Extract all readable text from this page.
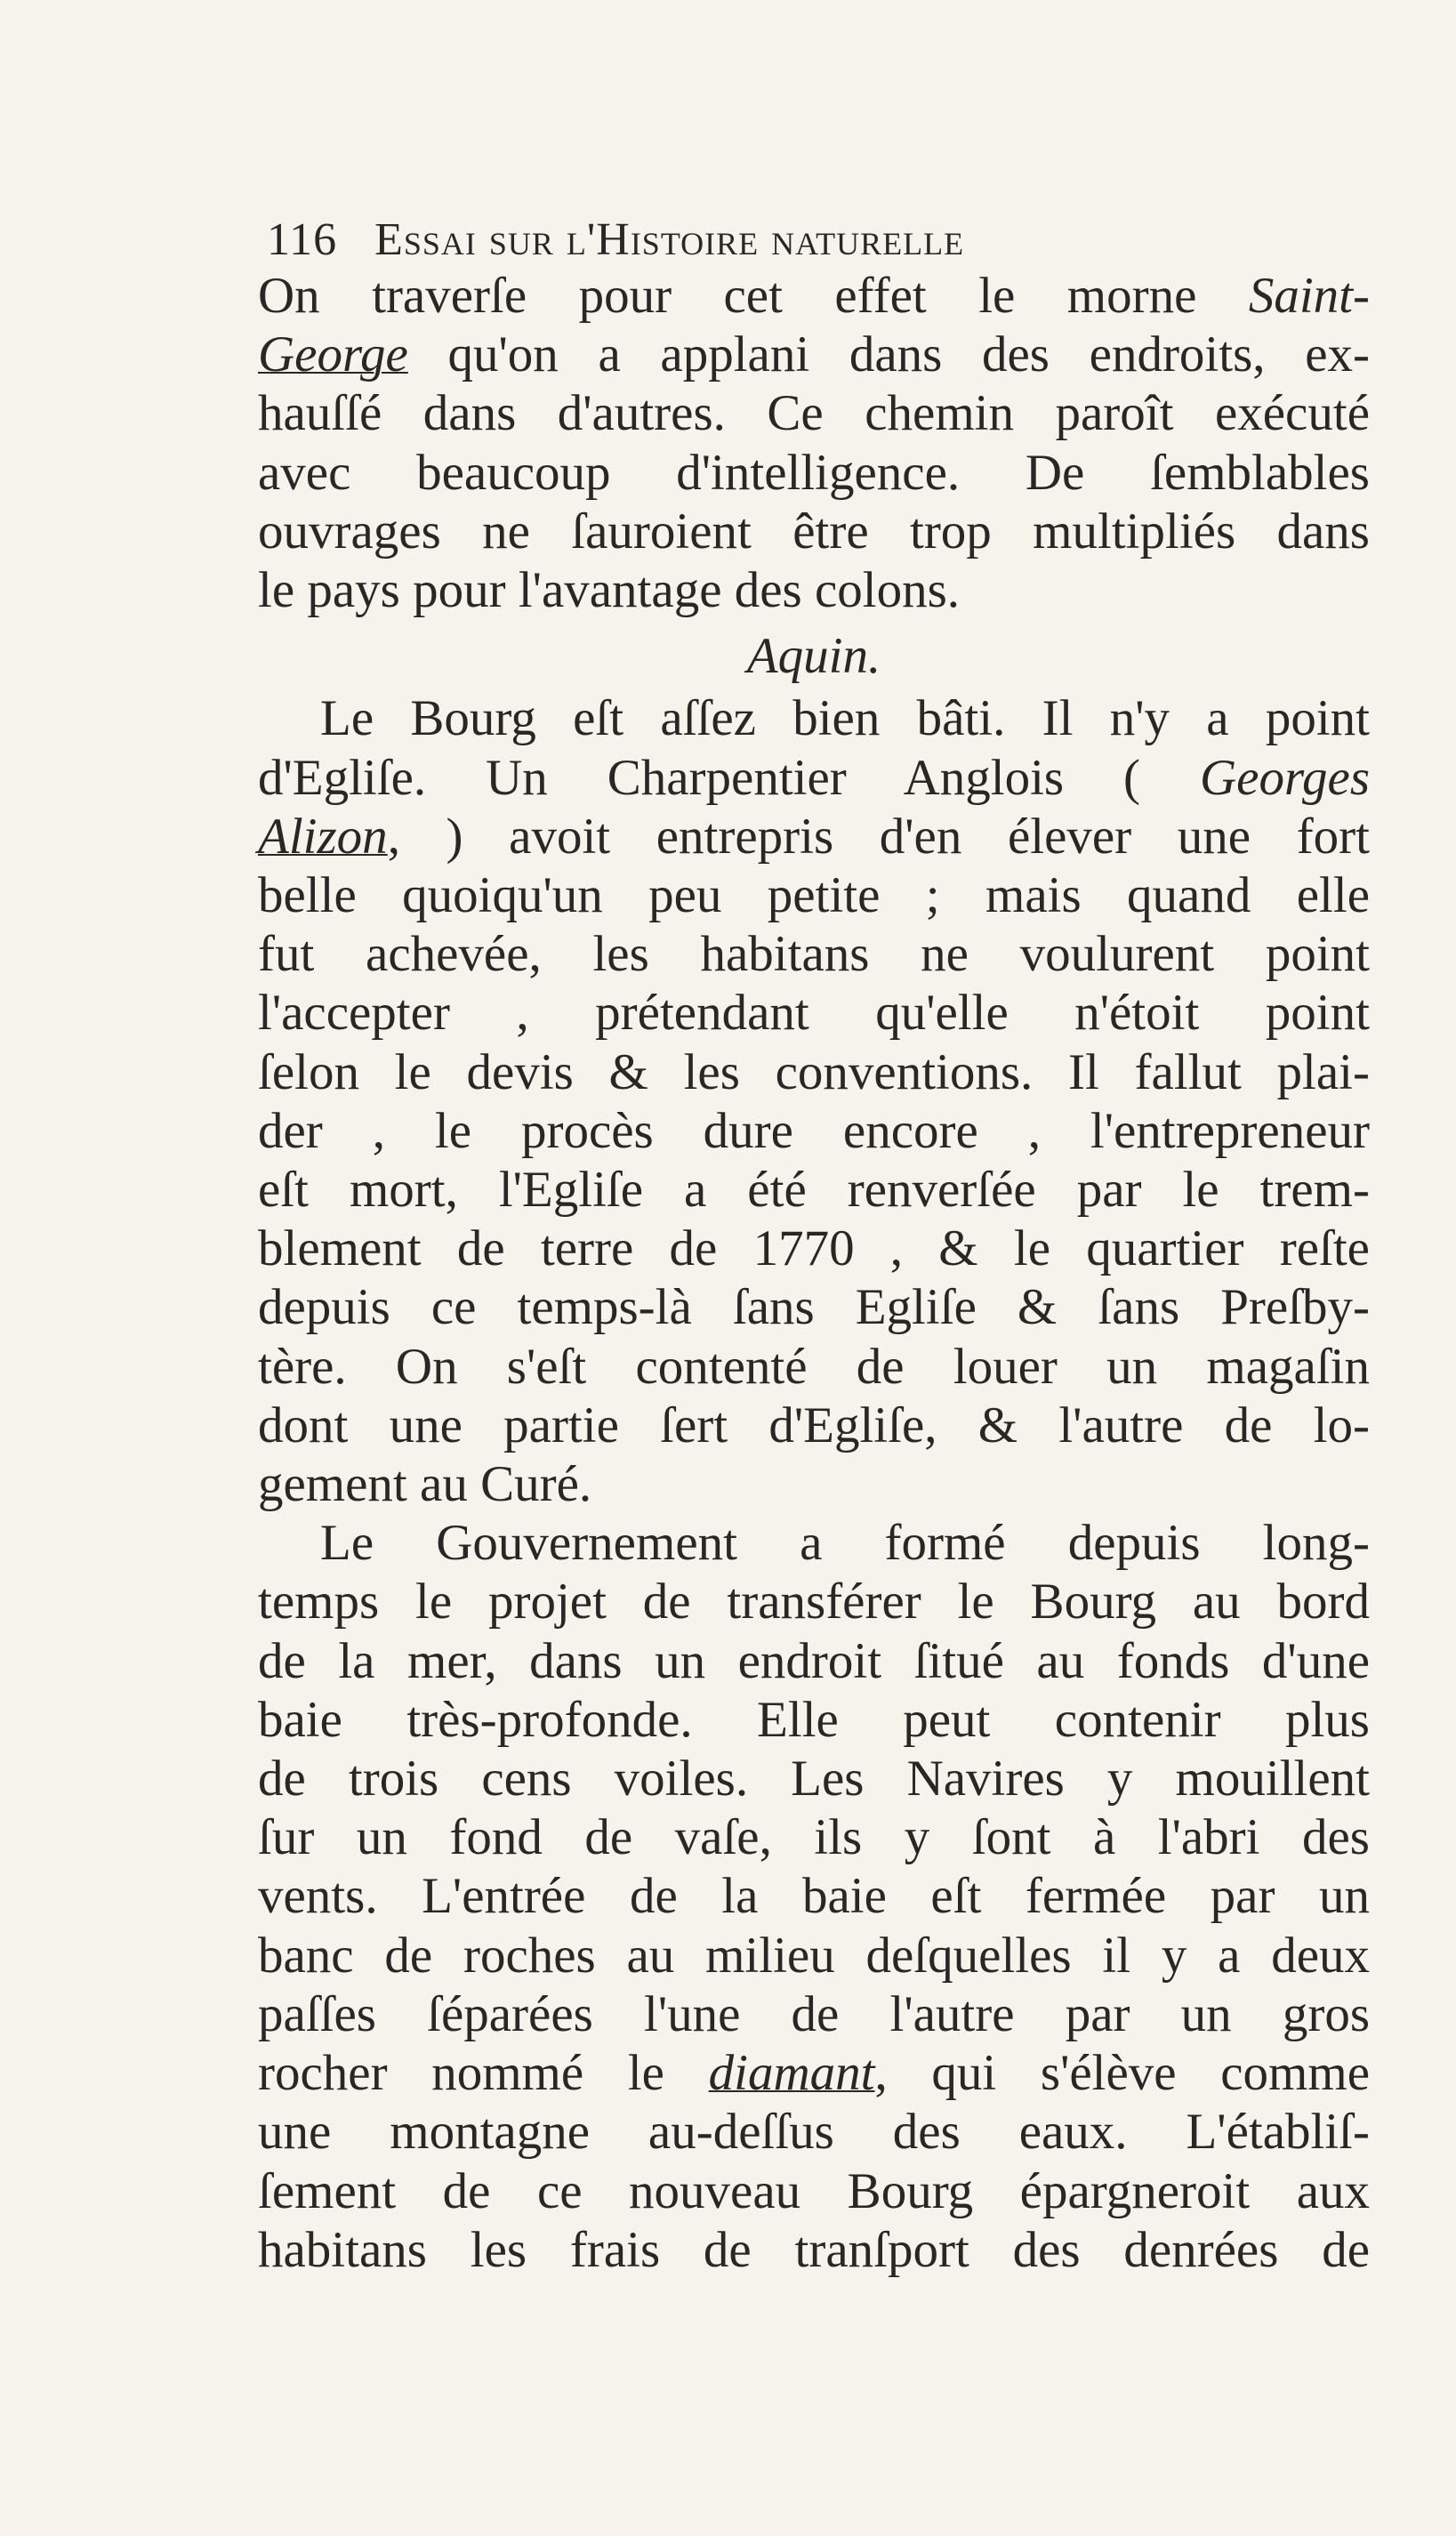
116 Essai sur l'Histoire naturelle
On traverſe pour cet effet le morne Saint-
George qu'on a applani dans des endroits, ex-
hauſſé dans d'autres. Ce chemin paroît exécuté
avec beaucoup d'intelligence. De ſemblables
ouvrages ne ſauroient être trop multipliés dans
le pays pour l'avantage des colons.
Aquin.
Le Bourg eſt aſſez bien bâti. Il n'y a point
d'Egliſe. Un Charpentier Anglois ( Georges
Alizon, ) avoit entrepris d'en élever une fort
belle quoiqu'un peu petite ; mais quand elle
fut achevée, les habitans ne voulurent point
l'accepter , prétendant qu'elle n'étoit point
ſelon le devis & les conventions. Il fallut plai-
der , le procès dure encore , l'entrepreneur
eſt mort, l'Egliſe a été renverſée par le trem-
blement de terre de 1770 , & le quartier reſte
depuis ce temps-là ſans Egliſe & ſans Preſby-
tère. On s'eſt contenté de louer un magaſin
dont une partie ſert d'Egliſe, & l'autre de lo-
gement au Curé.
Le Gouvernement a formé depuis long-
temps le projet de transférer le Bourg au bord
de la mer, dans un endroit ſitué au fonds d'une
baie très-profonde. Elle peut contenir plus
de trois cens voiles. Les Navires y mouillent
ſur un fond de vaſe, ils y ſont à l'abri des
vents. L'entrée de la baie eſt fermée par un
banc de roches au milieu deſquelles il y a deux
paſſes ſéparées l'une de l'autre par un gros
rocher nommé le diamant, qui s'élève comme
une montagne au-deſſus des eaux. L'établiſ-
ſement de ce nouveau Bourg épargneroit aux
habitans les frais de tranſport des denrées de
